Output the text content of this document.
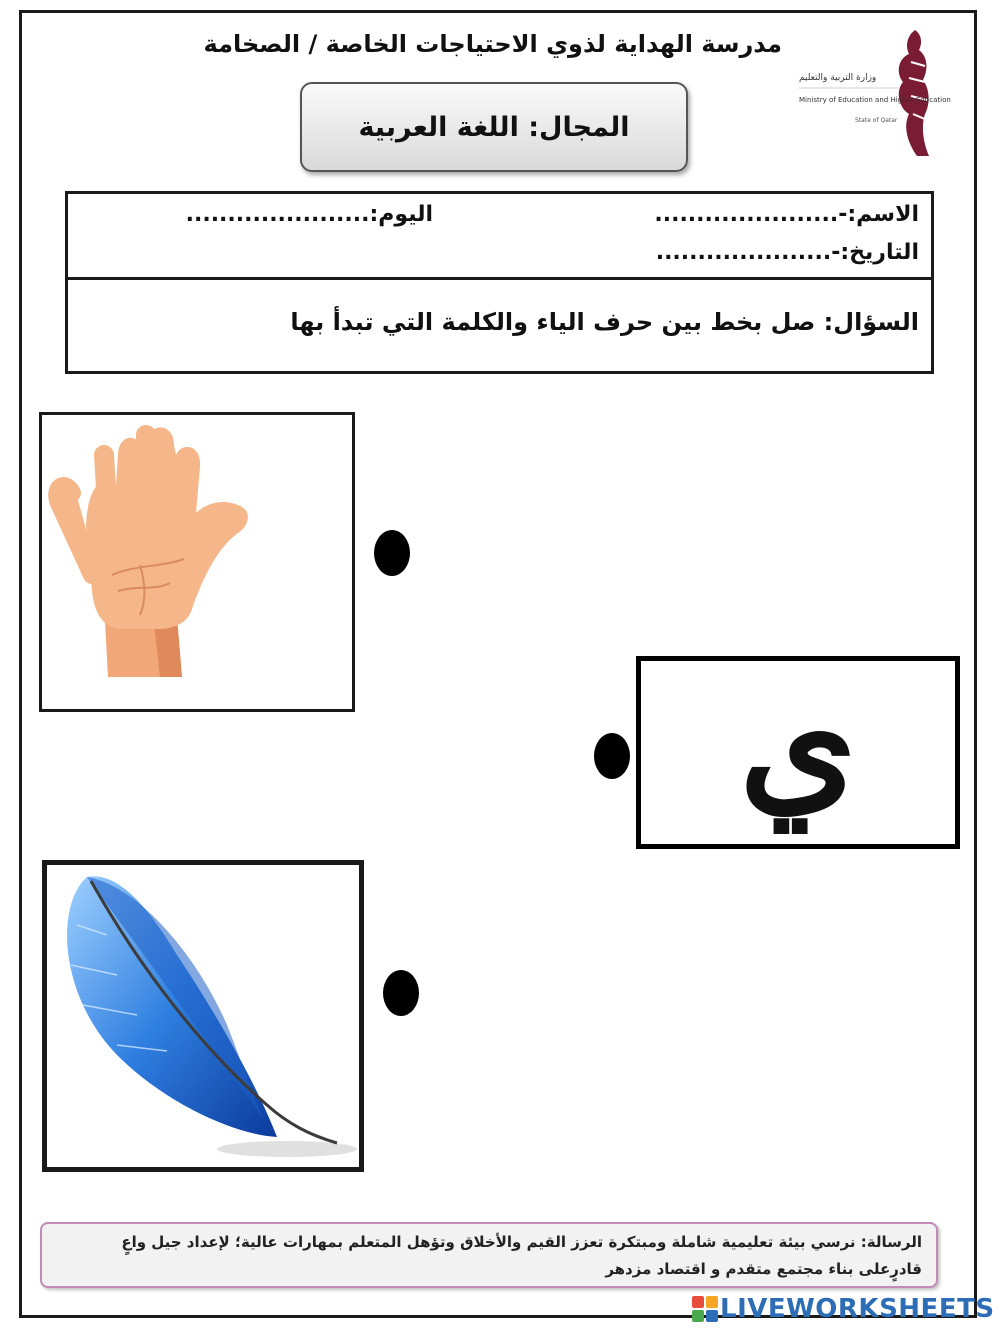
مدرسة الهداية لذوي الاحتياجات الخاصة / الصخامة
وزارة التربية والتعليم
Ministry of Education and Higher Education
State of Qatar
المجال: اللغة العربية
الاسم:-......................
اليوم:......................
التاريخ:-.....................
السؤال: صل بخط بين حرف الياء والكلمة التي تبدأ بها
ي
الرسالة: نرسي بيئة تعليمية شاملة ومبتكرة تعزز القيم والأخلاق وتؤهل المتعلم بمهارات عالية؛ لإعداد جيل واعٍ قادرٍعلى بناء مجتمع متقدم و اقتصاد مزدهر
LIVEWORKSHEETS
